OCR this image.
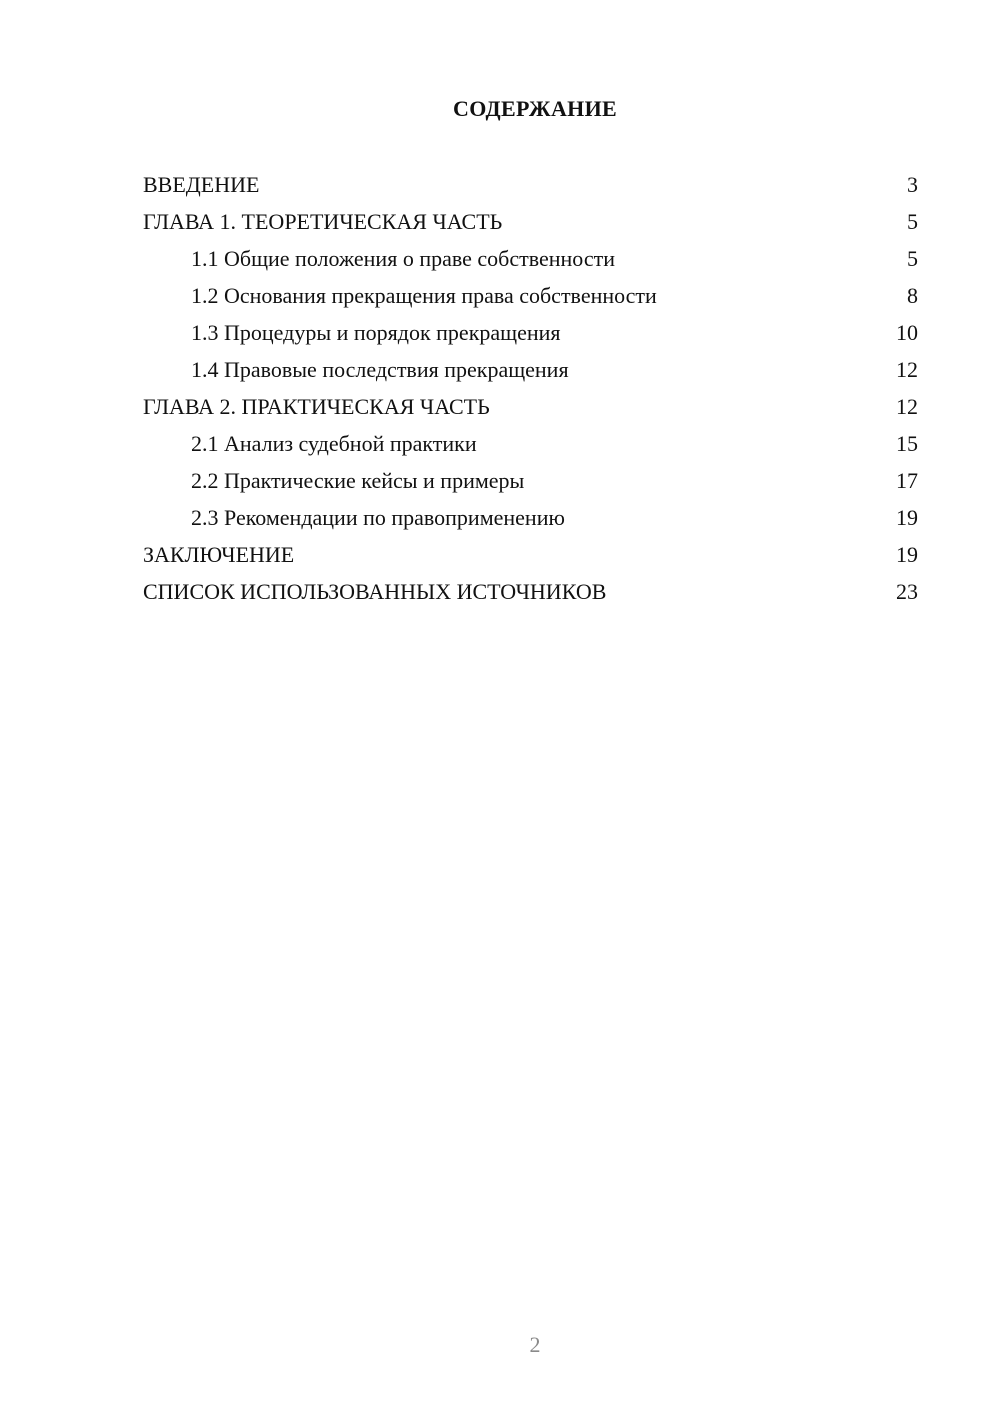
СОДЕРЖАНИЕ
ВВЕДЕНИЕ	3
ГЛАВА 1. ТЕОРЕТИЧЕСКАЯ ЧАСТЬ	5
1.1 Общие положения о праве собственности	5
1.2 Основания прекращения права собственности	8
1.3 Процедуры и порядок прекращения	10
1.4 Правовые последствия прекращения	12
ГЛАВА 2. ПРАКТИЧЕСКАЯ ЧАСТЬ	12
2.1 Анализ судебной практики	15
2.2 Практические кейсы и примеры	17
2.3 Рекомендации по правоприменению	19
ЗАКЛЮЧЕНИЕ	19
СПИСОК ИСПОЛЬЗОВАННЫХ ИСТОЧНИКОВ	23
2
